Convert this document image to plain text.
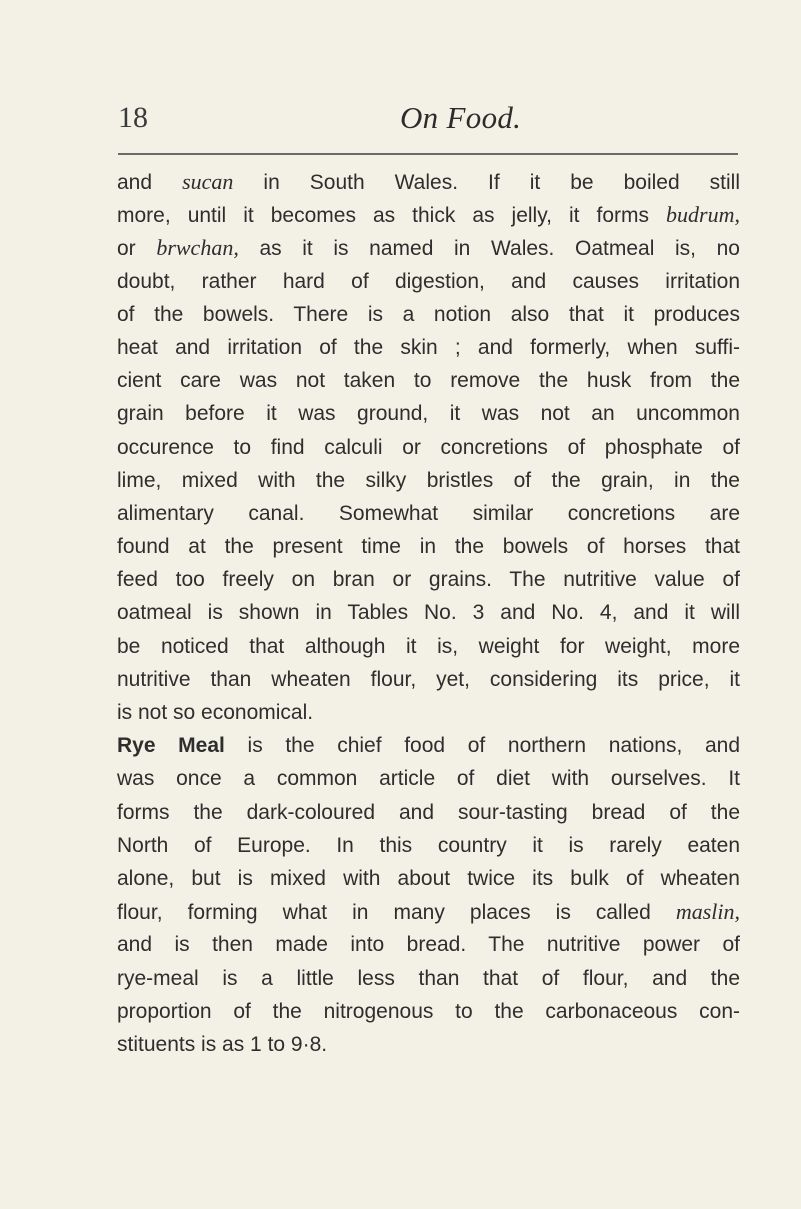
18	On Food.
and sucan in South Wales. If it be boiled still
more, until it becomes as thick as jelly, it forms budrum,
or brwchan, as it is named in Wales. Oatmeal is, no
doubt, rather hard of digestion, and causes irritation
of the bowels. There is a notion also that it produces
heat and irritation of the skin ; and formerly, when suffi-
cient care was not taken to remove the husk from the
grain before it was ground, it was not an uncommon
occurence to find calculi or concretions of phosphate of
lime, mixed with the silky bristles of the grain, in the
alimentary canal. Somewhat similar concretions are
found at the present time in the bowels of horses that
feed too freely on bran or grains. The nutritive value of
oatmeal is shown in Tables No. 3 and No. 4, and it will
be noticed that although it is, weight for weight, more
nutritive than wheaten flour, yet, considering its price, it
is not so economical.
Rye Meal is the chief food of northern nations, and
was once a common article of diet with ourselves. It
forms the dark-coloured and sour-tasting bread of the
North of Europe. In this country it is rarely eaten
alone, but is mixed with about twice its bulk of wheaten
flour, forming what in many places is called maslin,
and is then made into bread. The nutritive power of
rye-meal is a little less than that of flour, and the
proportion of the nitrogenous to the carbonaceous con-
stituents is as 1 to 9·8.
